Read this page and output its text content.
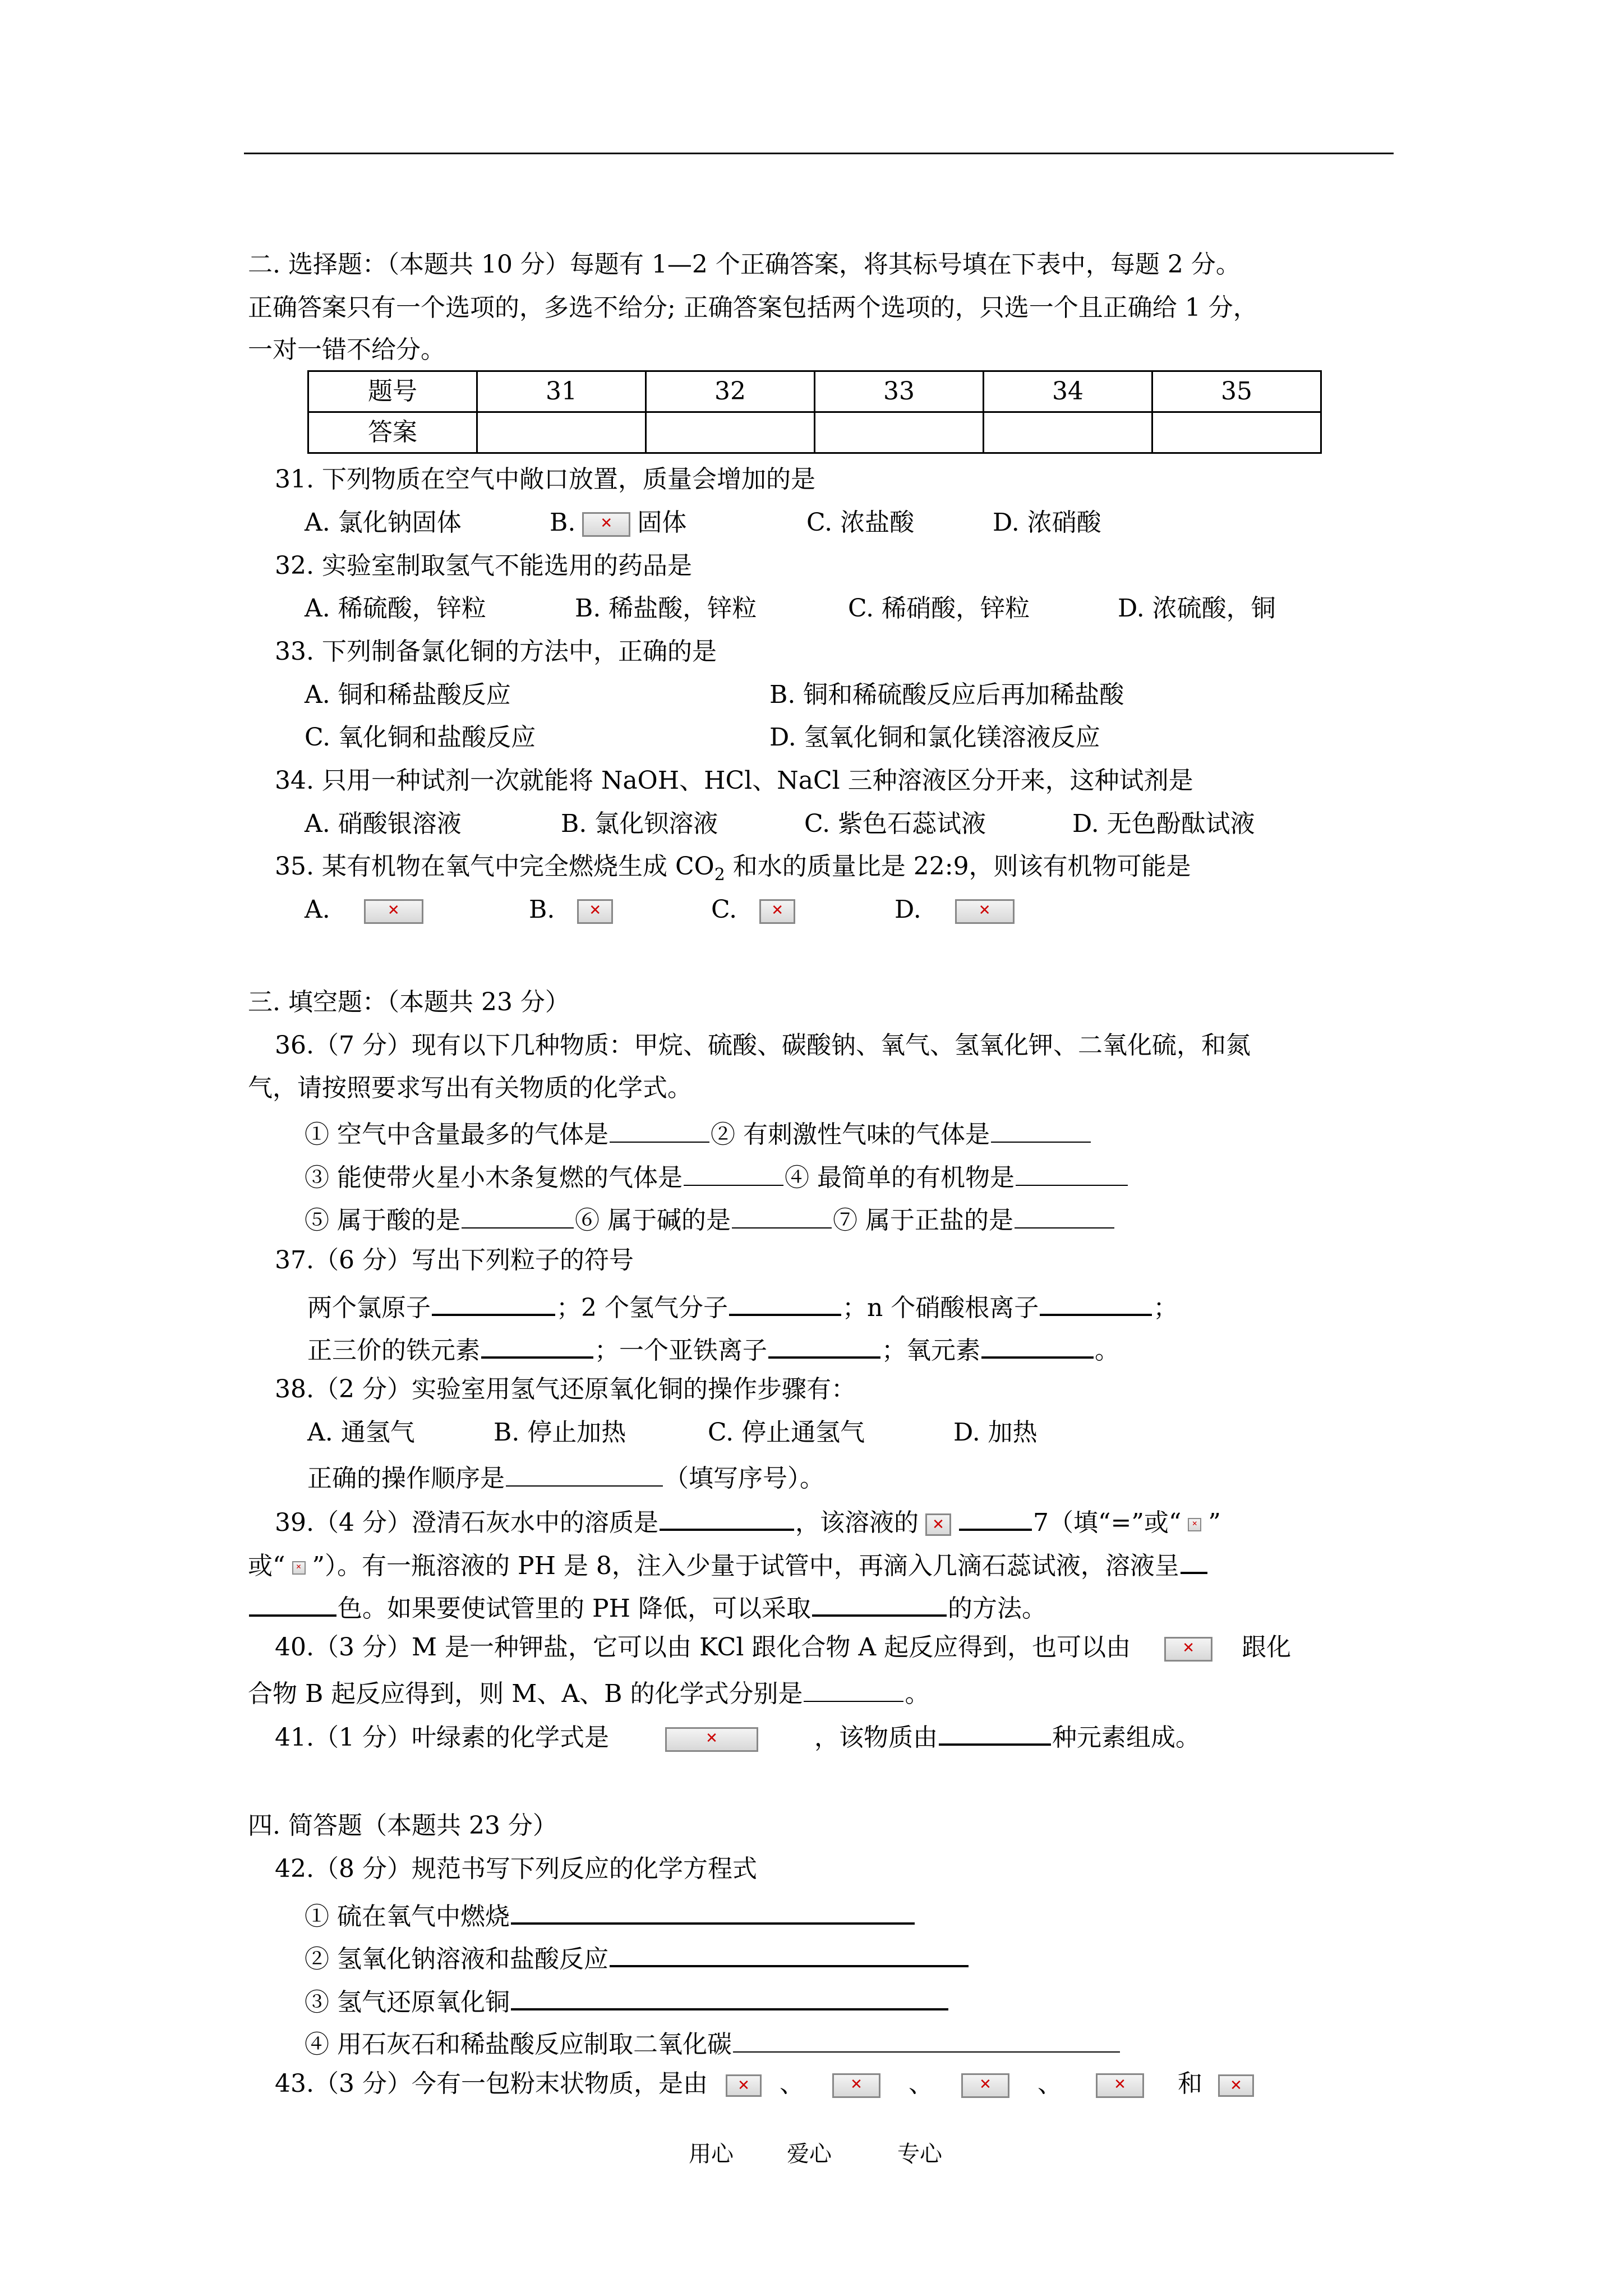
二. 选择题：（本题共 10 分）每题有 1—2 个正确答案，将其标号填在下表中，每题 2 分。
正确答案只有一个选项的，多选不给分; 正确答案包括两个选项的，只选一个且正确给 1 分，
一对一错不给分。
题号	31	32	33	34	35
答案					
31. 下列物质在空气中敞口放置，质量会增加的是
A. 氯化钠固体	B. ✕	固体	C. 浓盐酸	D. 浓硝酸
32. 实验室制取氢气不能选用的药品是
A. 稀硫酸，锌粒	B. 稀盐酸，锌粒	C. 稀硝酸，锌粒	D. 浓硫酸，铜
33. 下列制备氯化铜的方法中，正确的是
A. 铜和稀盐酸反应	B. 铜和稀硫酸反应后再加稀盐酸
C. 氧化铜和盐酸反应	D. 氢氧化铜和氯化镁溶液反应
34. 只用一种试剂一次就能将 NaOH、HCl、NaCl 三种溶液区分开来，这种试剂是
A. 硝酸银溶液	B. 氯化钡溶液	C. 紫色石蕊试液	D. 无色酚酞试液
35. 某有机物在氧气中完全燃烧生成 $CO_2$ 和水的质量比是 22:9，则该有机物可能是
A. ✕	B. ✕	C. ✕	D.✕
三. 填空题：（本题共 23 分）
36.（7 分）现有以下几种物质：甲烷、硫酸、碳酸钠、氧气、氢氧化钾、二氧化硫，和氮
气，请按照要求写出有关物质的化学式。
① 空气中含量最多的气体是	② 有刺激性气味的气体是
③ 能使带火星小木条复燃的气体是	④ 最简单的有机物是
⑤ 属于酸的是	⑥ 属于碱的是	⑦ 属于正盐的是
37.（6 分）写出下列粒子的符号
两个氯原子	；2 个氢气分子	；n 个硝酸根离子	；
正三价的铁元素	；一个亚铁离子	；氧元素	。
38.（2 分）实验室用氢气还原氧化铜的操作步骤有：
A. 通氢气	B. 停止加热	C. 停止通氢气	D. 加热
正确的操作顺序是	（填写序号）。
39.（4 分）澄清石灰水中的溶质是	，该溶液的 ✕	7（填“=”或“ ✕ ”
或“ ✕ ”）。有一瓶溶液的 PH 是 8，注入少量于试管中，再滴入几滴石蕊试液，溶液呈
色。如果要使试管里的 PH 降低，可以采取	的方法。
40.（3 分）M 是一种钾盐，它可以由 KCl 跟化合物 A 起反应得到，也可以由 ✕	跟化
合物 B 起反应得到，则 M、A、B 的化学式分别是	。
41.（1 分）叶绿素的化学式是 ✕	，该物质由	种元素组成。
四. 简答题（本题共 23 分）
42.（8 分）规范书写下列反应的化学方程式
① 硫在氧气中燃烧
② 氢氧化钠溶液和盐酸反应
③ 氢气还原氧化铜
④ 用石灰石和稀盐酸反应制取二氧化碳
43.（3 分）今有一包粉末状物质，是由 ✕	、 ✕	、 ✕	、 ✕	和✕
用心 爱心	专心
